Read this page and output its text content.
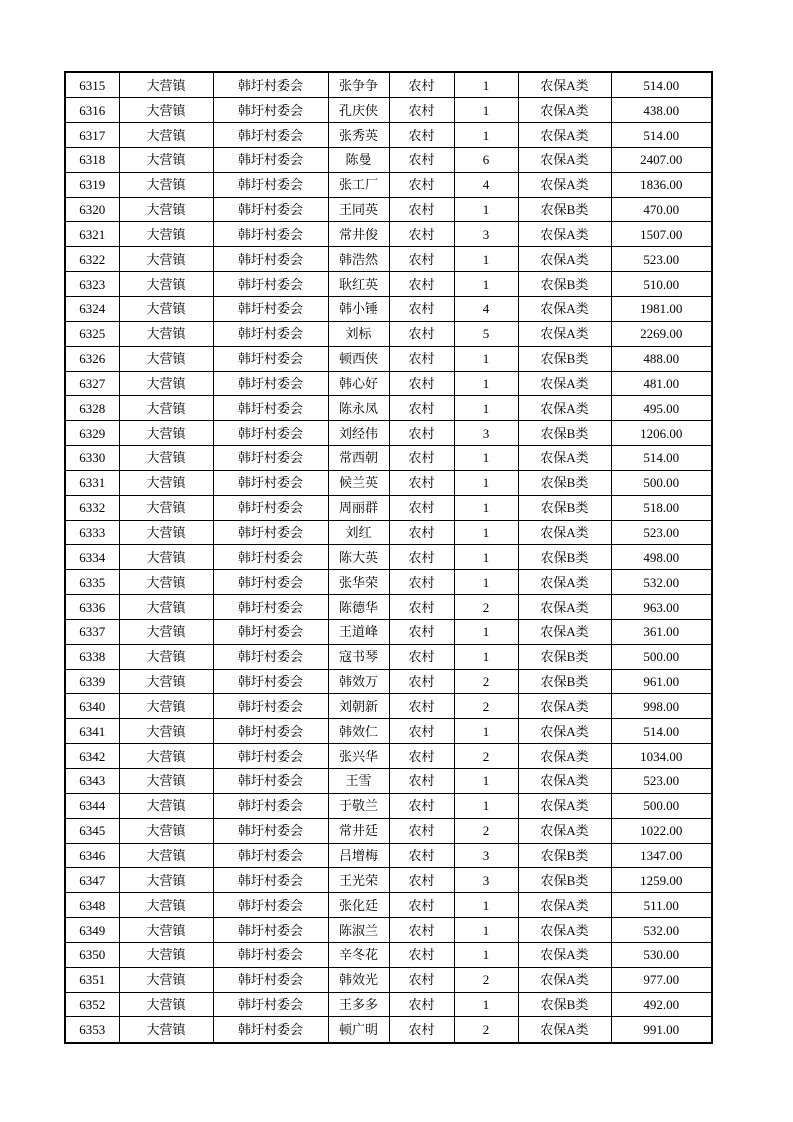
6315	大营镇	韩圩村委会	张争争	农村	1	农保A类	514.00
6316	大营镇	韩圩村委会	孔庆侠	农村	1	农保A类	438.00
6317	大营镇	韩圩村委会	张秀英	农村	1	农保A类	514.00
6318	大营镇	韩圩村委会	陈曼	农村	6	农保A类	2407.00
6319	大营镇	韩圩村委会	张工厂	农村	4	农保A类	1836.00
6320	大营镇	韩圩村委会	王同英	农村	1	农保B类	470.00
6321	大营镇	韩圩村委会	常井俊	农村	3	农保A类	1507.00
6322	大营镇	韩圩村委会	韩浩然	农村	1	农保A类	523.00
6323	大营镇	韩圩村委会	耿红英	农村	1	农保B类	510.00
6324	大营镇	韩圩村委会	韩小锤	农村	4	农保A类	1981.00
6325	大营镇	韩圩村委会	刘标	农村	5	农保A类	2269.00
6326	大营镇	韩圩村委会	顿西侠	农村	1	农保B类	488.00
6327	大营镇	韩圩村委会	韩心好	农村	1	农保A类	481.00
6328	大营镇	韩圩村委会	陈永凤	农村	1	农保A类	495.00
6329	大营镇	韩圩村委会	刘经伟	农村	3	农保B类	1206.00
6330	大营镇	韩圩村委会	常西朝	农村	1	农保A类	514.00
6331	大营镇	韩圩村委会	候兰英	农村	1	农保B类	500.00
6332	大营镇	韩圩村委会	周丽群	农村	1	农保B类	518.00
6333	大营镇	韩圩村委会	刘红	农村	1	农保A类	523.00
6334	大营镇	韩圩村委会	陈大英	农村	1	农保B类	498.00
6335	大营镇	韩圩村委会	张华荣	农村	1	农保A类	532.00
6336	大营镇	韩圩村委会	陈德华	农村	2	农保A类	963.00
6337	大营镇	韩圩村委会	王道峰	农村	1	农保A类	361.00
6338	大营镇	韩圩村委会	寇书琴	农村	1	农保B类	500.00
6339	大营镇	韩圩村委会	韩效万	农村	2	农保B类	961.00
6340	大营镇	韩圩村委会	刘朝新	农村	2	农保A类	998.00
6341	大营镇	韩圩村委会	韩效仁	农村	1	农保A类	514.00
6342	大营镇	韩圩村委会	张兴华	农村	2	农保A类	1034.00
6343	大营镇	韩圩村委会	王雪	农村	1	农保A类	523.00
6344	大营镇	韩圩村委会	于敬兰	农村	1	农保A类	500.00
6345	大营镇	韩圩村委会	常井廷	农村	2	农保A类	1022.00
6346	大营镇	韩圩村委会	吕增梅	农村	3	农保B类	1347.00
6347	大营镇	韩圩村委会	王光荣	农村	3	农保B类	1259.00
6348	大营镇	韩圩村委会	张化廷	农村	1	农保A类	511.00
6349	大营镇	韩圩村委会	陈淑兰	农村	1	农保A类	532.00
6350	大营镇	韩圩村委会	辛冬花	农村	1	农保A类	530.00
6351	大营镇	韩圩村委会	韩效光	农村	2	农保A类	977.00
6352	大营镇	韩圩村委会	王多多	农村	1	农保B类	492.00
6353	大营镇	韩圩村委会	顿广明	农村	2	农保A类	991.00
